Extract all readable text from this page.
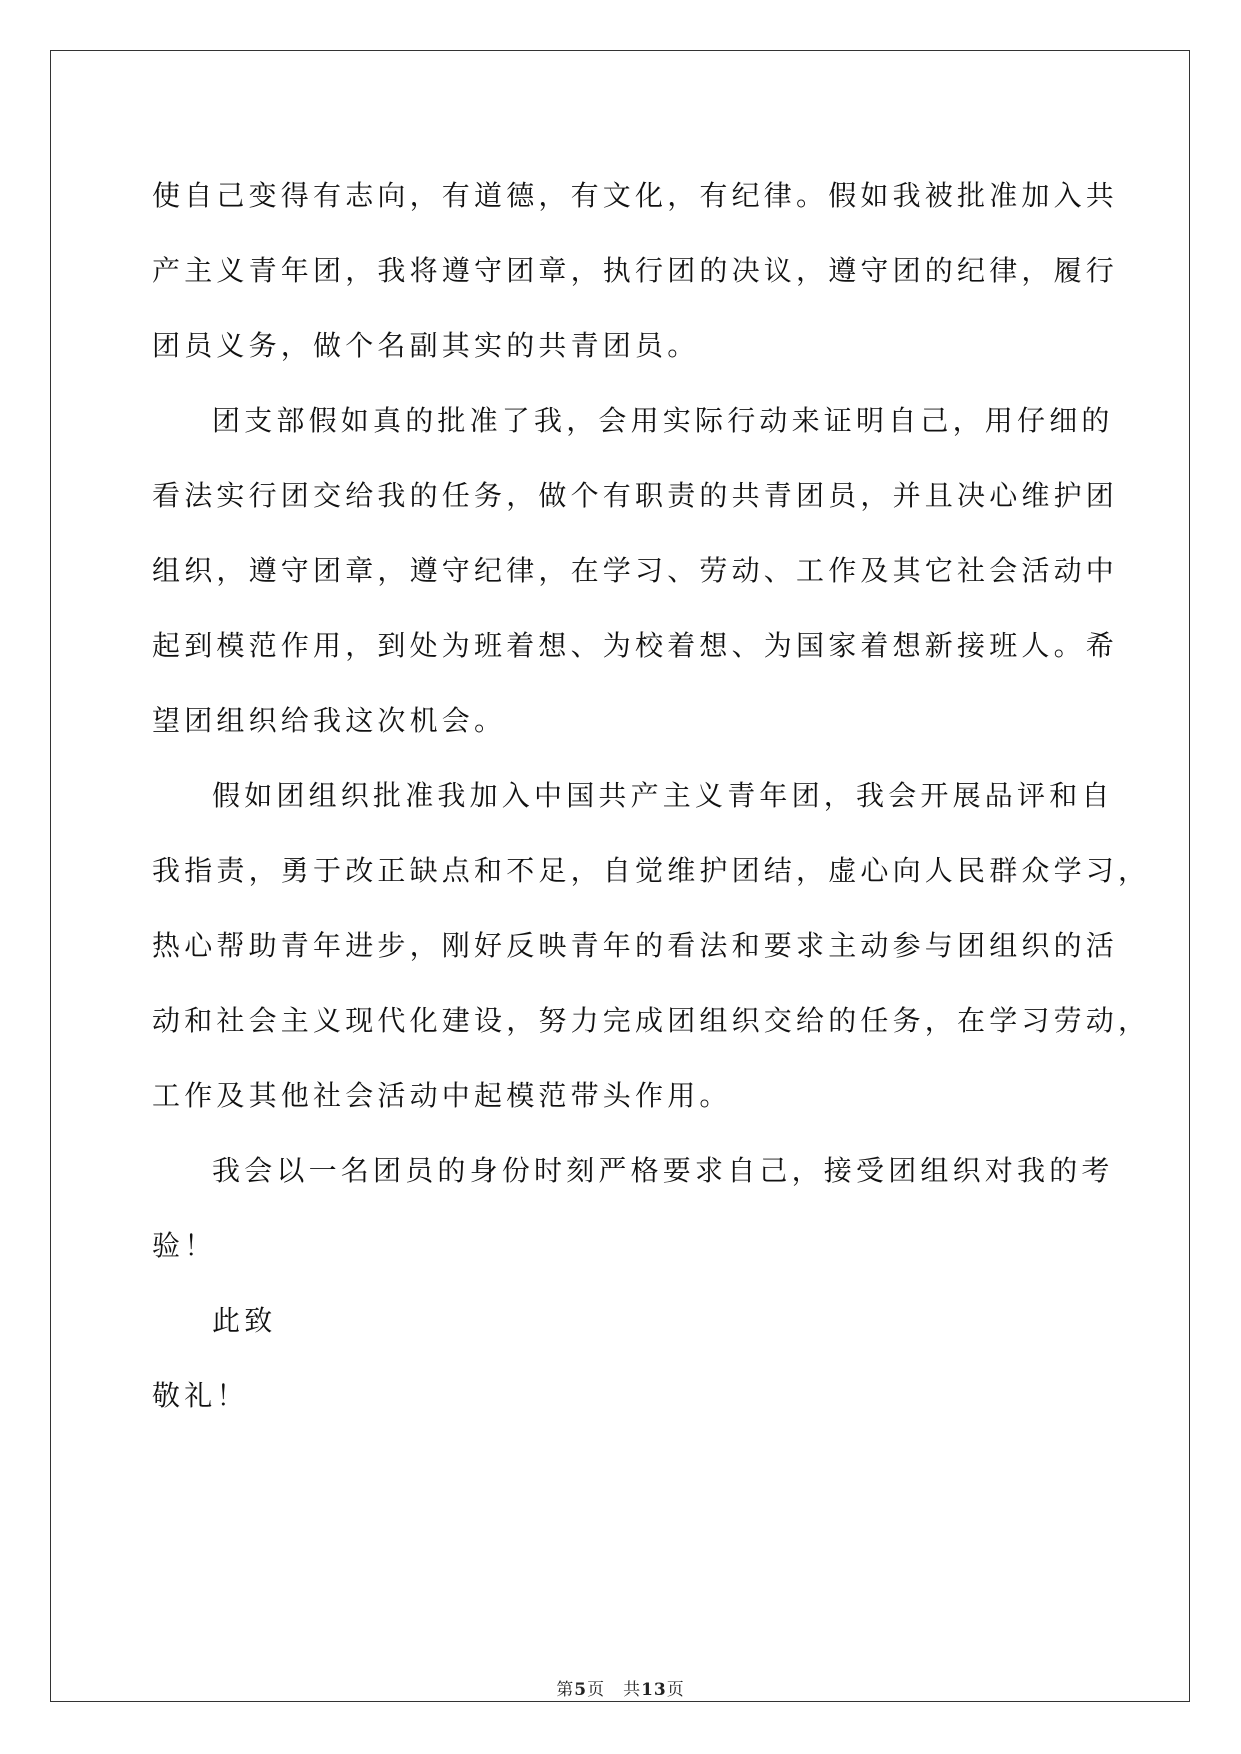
使自己变得有志向，有道德，有文化，有纪律。假如我被批准加入共
产主义青年团，我将遵守团章，执行团的决议，遵守团的纪律，履行
团员义务，做个名副其实的共青团员。
团支部假如真的批准了我，会用实际行动来证明自己，用仔细的
看法实行团交给我的任务，做个有职责的共青团员，并且决心维护团
组织，遵守团章，遵守纪律，在学习、劳动、工作及其它社会活动中
起到模范作用，到处为班着想、为校着想、为国家着想新接班人。希
望团组织给我这次机会。
假如团组织批准我加入中国共产主义青年团，我会开展品评和自
我指责，勇于改正缺点和不足，自觉维护团结，虚心向人民群众学习，
热心帮助青年进步，刚好反映青年的看法和要求主动参与团组织的活
动和社会主义现代化建设，努力完成团组织交给的任务，在学习劳动，
工作及其他社会活动中起模范带头作用。
我会以一名团员的身份时刻严格要求自己，接受团组织对我的考
验！
此致
敬礼！
第5页 共13页
